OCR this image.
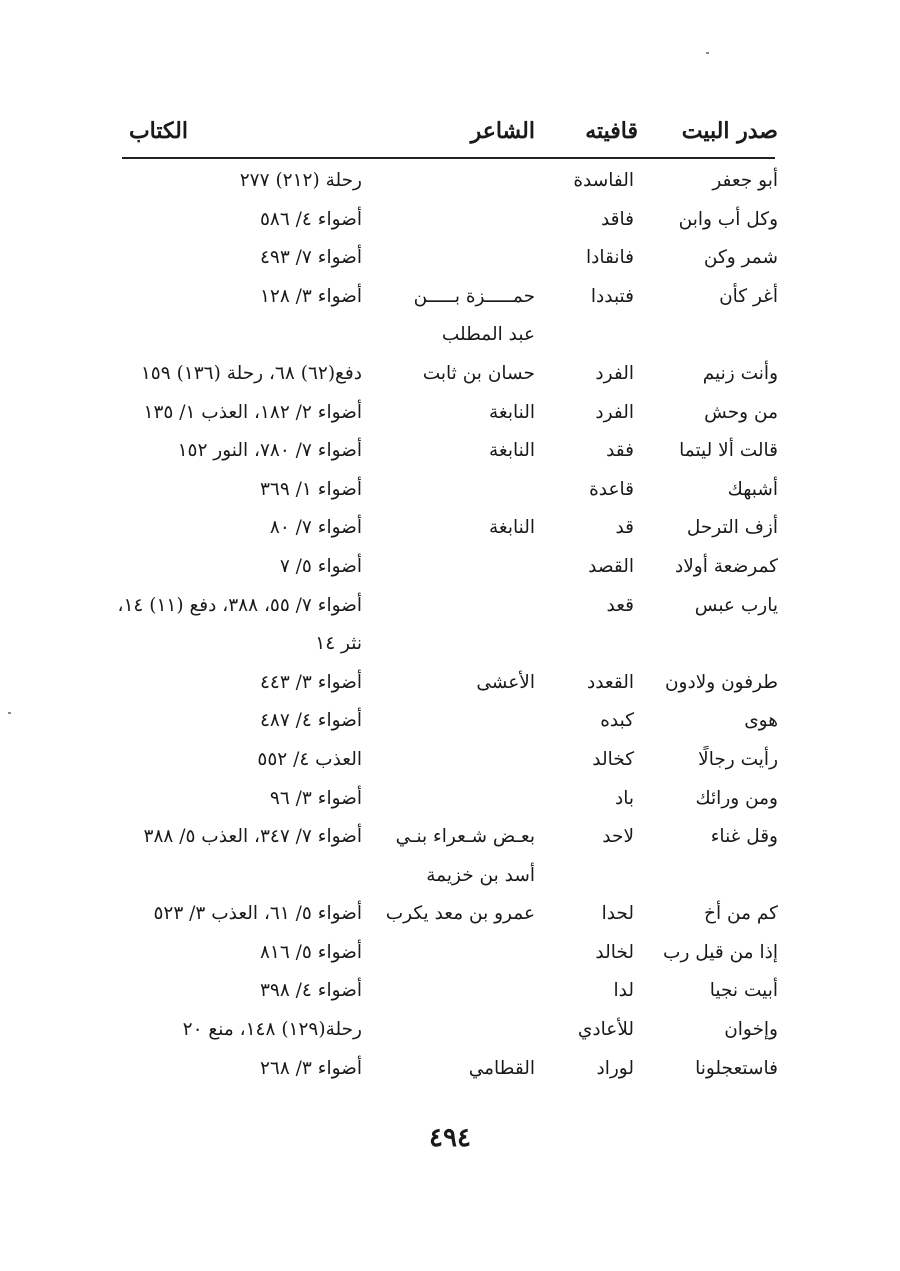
صدر البيت
قافيته
الشاعر
الكتاب
أبو جعفر
الفاسدة
رحلة (٢١٢) ٢٧٧
وكل أب وابن
فاقد
أضواء ٤/ ٥٨٦
شمر وكن
فانقادا
أضواء ٧/ ٤٩٣
أغر كأن
فتبددا
حمـــــزة بـــــن
أضواء ٣/ ١٢٨
عبد المطلب
وأنت زنيم
الفرد
حسان بن ثابت
دفع(٦٢) ٦٨، رحلة (١٣٦) ١٥٩
من وحش
الفرد
النابغة
أضواء ٢/ ١٨٢، العذب ١/ ١٣٥
قالت ألا ليتما
فقد
النابغة
أضواء ٧/ ٧٨٠، النور ١٥٢
أشبهك
قاعدة
أضواء ١/ ٣٦٩
أزف الترحل
قد
النابغة
أضواء ٧/ ٨٠
كمرضعة أولاد
القصد
أضواء ٥/ ٧
يارب عبس
قعد
أضواء ٧/ ٥٥، ٣٨٨، دفع (١١) ١٤،
نثر ١٤
طرفون ولادون
القعدد
الأعشى
أضواء ٣/ ٤٤٣
هوى
كبده
أضواء ٤/ ٤٨٧
رأيت رجالًا
كخالد
العذب ٤/ ٥٥٢
ومن ورائك
باد
أضواء ٣/ ٩٦
وقل غناء
لاحد
بعـض شـعراء بنـي
أضواء ٧/ ٣٤٧، العذب ٥/ ٣٨٨
أسد بن خزيمة
كم من أخ
لحدا
عمرو بن معد يكرب
أضواء ٥/ ٦١، العذب ٣/ ٥٢٣
إذا من قيل رب
لخالد
أضواء ٥/ ٨١٦
أبيت نجيا
لدا
أضواء ٤/ ٣٩٨
وإخوان
للأعادي
رحلة(١٢٩) ١٤٨، منع ٢٠
فاستعجلونا
لوراد
القطامي
أضواء ٣/ ٢٦٨
٤٩٤
